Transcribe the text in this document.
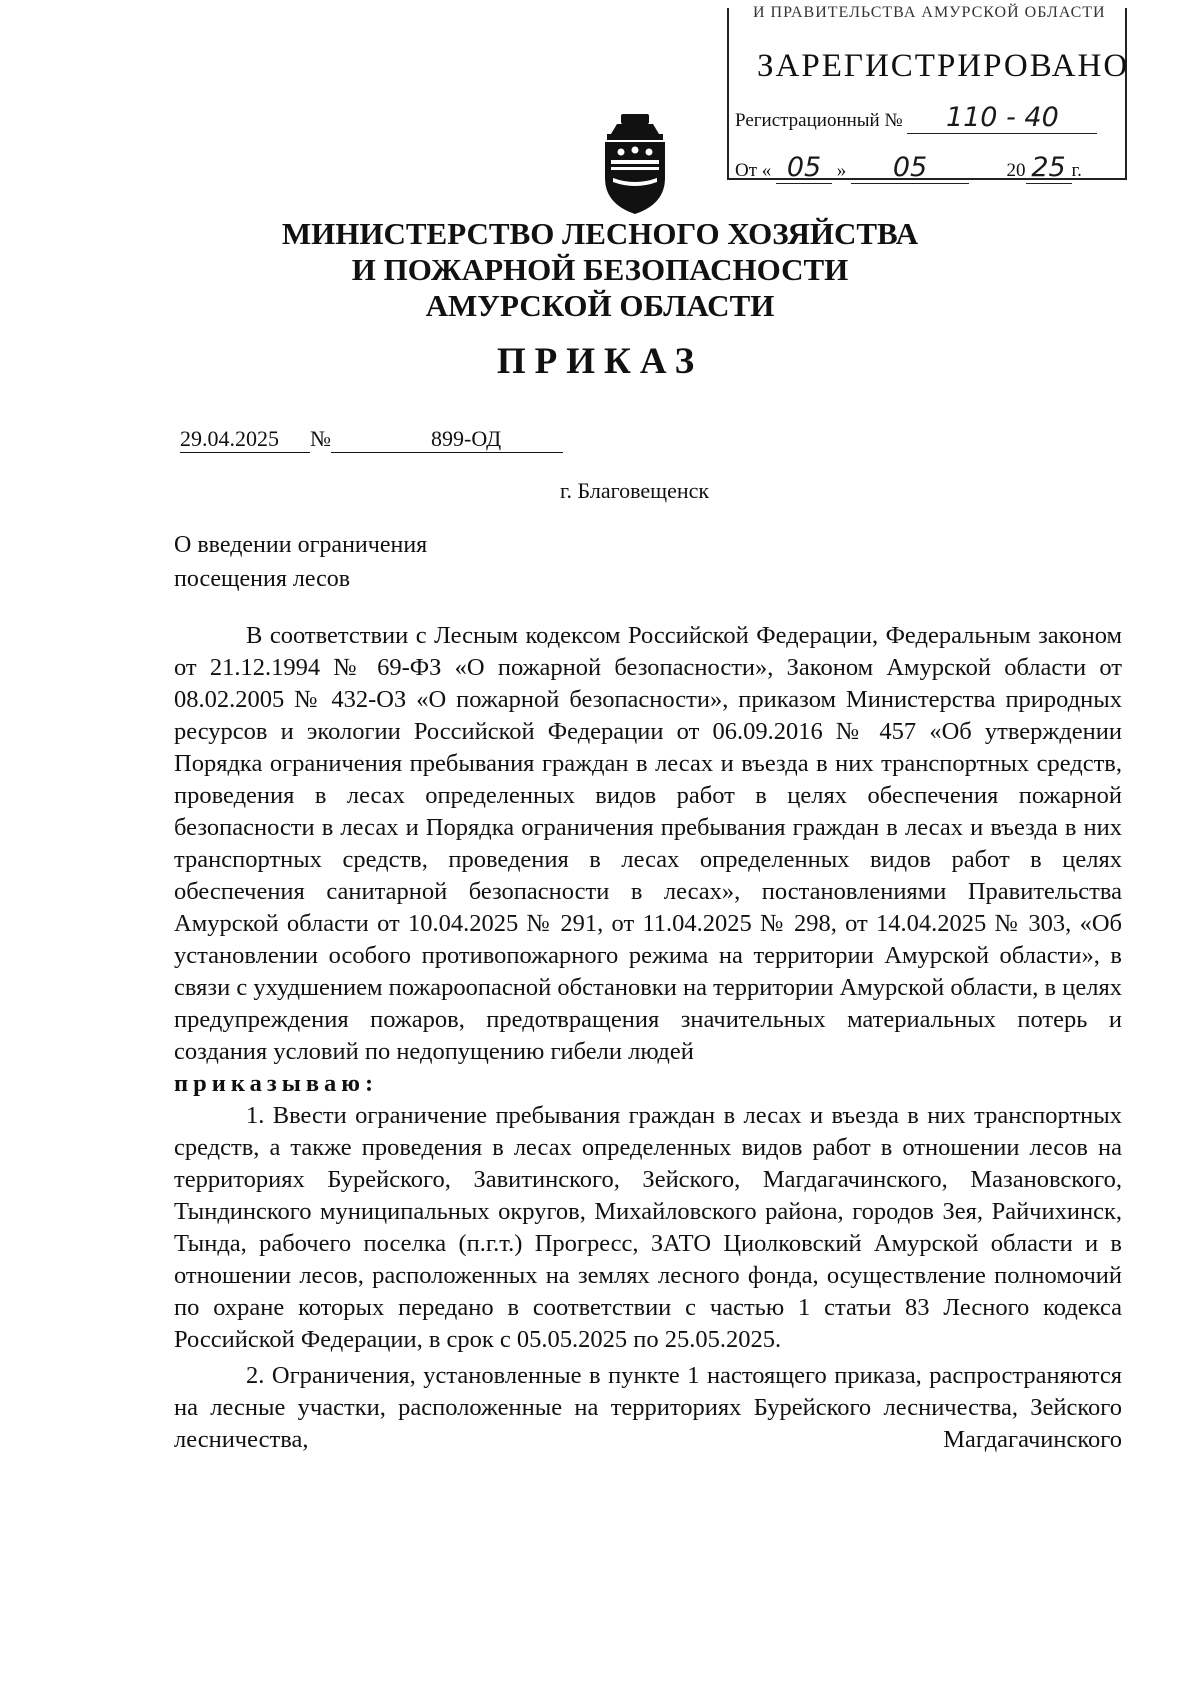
И ПРАВИТЕЛЬСТВА АМУРСКОЙ ОБЛАСТИ
ЗАРЕГИСТРИРОВАНО
Регистрационный № 110 - 40
От « 05 » 05	20 25 г.
МИНИСТЕРСТВО ЛЕСНОГО ХОЗЯЙСТВА
И ПОЖАРНОЙ БЕЗОПАСНОСТИ
АМУРСКОЙ ОБЛАСТИ
ПРИКАЗ
29.04.2025 №	899-ОД
г. Благовещенск
О введении ограничения
посещения лесов

В соответствии с Лесным кодексом Российской Федерации, Федеральным законом от 21.12.1994 № 69-ФЗ «О пожарной безопасности», Законом Амурской области от 08.02.2005 № 432-ОЗ «О пожарной безопасности», приказом Министерства природных ресурсов и экологии Российской Федерации от 06.09.2016 № 457 «Об утверждении Порядка ограничения пребывания граждан в лесах и въезда в них транспортных средств, проведения в лесах определенных видов работ в целях обеспечения пожарной безопасности в лесах и Порядка ограничения пребывания граждан в лесах и въезда в них транспортных средств, проведения в лесах определенных видов работ в целях обеспечения санитарной безопасности в лесах», постановлениями Правительства Амурской области от 10.04.2025 № 291, от 11.04.2025 № 298, от 14.04.2025 № 303, «Об установлении особого противопожарного режима на территории Амурской области», в связи с ухудшением пожароопасной обстановки на территории Амурской области, в целях предупреждения пожаров, предотвращения значительных материальных потерь и создания условий по недопущению гибели людей

приказываю:

1. Ввести ограничение пребывания граждан в лесах и въезда в них транспортных средств, а также проведения в лесах определенных видов работ в отношении лесов на территориях Бурейского, Завитинского, Зейского, Магдагачинского, Мазановского, Тындинского муниципальных округов, Михайловского района, городов Зея, Райчихинск, Тында, рабочего поселка (п.г.т.) Прогресс, ЗАТО Циолковский Амурской области и в отношении лесов, расположенных на землях лесного фонда, осуществление полномочий по охране которых передано в соответствии с частью 1 статьи 83 Лесного кодекса Российской Федерации, в срок с 05.05.2025 по 25.05.2025.

2. Ограничения, установленные в пункте 1 настоящего приказа, распространяются на лесные участки, расположенные на территориях Бурейского лесничества, Зейского лесничества, Магдагачинского
